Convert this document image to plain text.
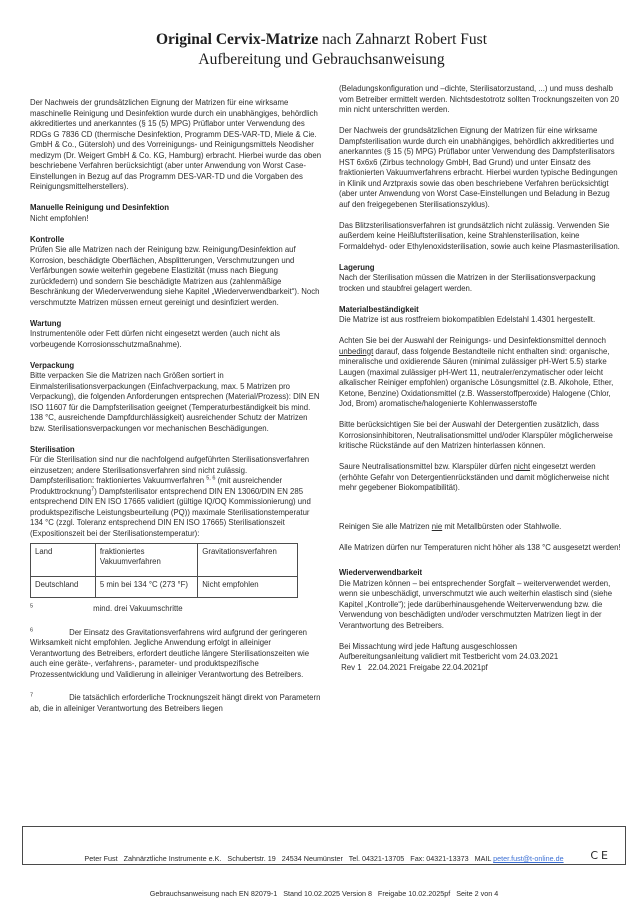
Original Cervix-Matrize nach Zahnarzt Robert Fust
Aufbereitung und Gebrauchsanweisung

Der Nachweis der grundsätzlichen Eignung der Matrizen für eine wirksame maschinelle Reinigung und Desinfektion wurde durch ein unabhängiges, behördlich akkreditiertes und anerkanntes (§ 15 (5) MPG) Prüflabor unter Verwendung des RDGs G 7836 CD (thermische Desinfektion, Programm DES-VAR-TD, Miele & Cie. GmbH & Co., Gütersloh) und des Vorreinigungs- und Reinigungsmittels Neodisher medizym (Dr. Weigert GmbH & Co. KG, Hamburg) erbracht. Hierbei wurde das oben beschriebene Verfahren berücksichtigt (aber unter Anwendung von Worst Case-Einstellungen in Bezug auf das Programm DES-VAR-TD und die Vorgaben des Reinigungsmittelherstellers).

Manuelle Reinigung und Desinfektion

Nicht empfohlen!

Kontrolle

Prüfen Sie alle Matrizen nach der Reinigung bzw. Reinigung/Desinfektion auf Korrosion, beschädigte Oberflächen, Absplitterungen, Verschmutzungen und Verfärbungen sowie weiterhin gegebene Elastizität (muss nach Biegung zurückfedern) und sondern Sie beschädigte Matrizen aus (zahlenmäßige Beschränkung der Wiederverwendung siehe Kapitel „Wiederverwendbarkeit“). Noch verschmutzte Matrizen müssen erneut gereinigt und desinfiziert werden.

Wartung

Instrumentenöle oder Fett dürfen nicht eingesetzt werden (auch nicht als vorbeugende Korrosionsschutzmaßnahme).

Verpackung

Bitte verpacken Sie die Matrizen nach Größen sortiert in Einmalsterilisationsverpackungen (Einfachverpackung, max. 5 Matrizen pro Verpackung), die folgenden Anforderungen entsprechen (Material/Prozess): DIN EN ISO 11607 für die Dampfsterilisation geeignet (Temperaturbeständigkeit bis mind. 138 °C, ausreichende Dampfdurchlässigkeit) ausreichender Schutz der Matrizen bzw. Sterilisationsverpackungen vor mechanischen Beschädigungen.

Sterilisation

Für die Sterilisation sind nur die nachfolgend aufgeführten Sterilisationsverfahren einzusetzen; andere Sterilisationsverfahren sind nicht zulässig.

Dampfsterilisation: fraktioniertes Vakuumverfahren $^{5, 6}$ (mit ausreichender Produkttrocknung$^7$) Dampfsterilisator entsprechend DIN EN 13060/DIN EN 285 entsprechend DIN EN ISO 17665 validiert (gültige IQ/OQ Kommissionierung) und produktspezifische Leistungsbeurteilung (PQ)) maximale Sterilisationstemperatur 134 °C (zzgl. Toleranz entsprechend DIN EN ISO 17665) Sterilisationszeit (Expositionszeit bei der Sterilisationstemperatur):

Land	fraktioniertes Vakuumverfahren	Gravitationsverfahren
Deutschland	5 min bei 134 °C (273 °F)	Nicht empfohlen
$^5$	mind. drei Vakuumschritte
$^6$	Der Einsatz des Gravitationsverfahrens wird aufgrund der geringeren Wirksamkeit nicht empfohlen. Jegliche Anwendung erfolgt in alleiniger Verantwortung des Betreibers, erfordert deutliche längere Sterilisationszeiten wie auch eine geräte-, verfahrens-, parameter- und produktspezifische Prozessentwicklung und Validierung in alleiniger Verantwortung des Betreibers.
$^7$	Die tatsächlich erforderliche Trocknungszeit hängt direkt von Parametern ab, die in alleiniger Verantwortung des Betreibers liegen

(Beladungskonfiguration und –dichte, Sterilisatorzustand, ...) und muss deshalb vom Betreiber ermittelt werden. Nichtsdestotrotz sollten Trocknungszeiten von 20 min nicht unterschritten werden.

Der Nachweis der grundsätzlichen Eignung der Matrizen für eine wirksame Dampfsterilisation wurde durch ein unabhängiges, behördlich akkreditiertes und anerkanntes (§ 15 (5) MPG) Prüflabor unter Verwendung des Dampfsterilisators HST 6x6x6 (Zirbus technology GmbH, Bad Grund) und unter Einsatz des fraktionierten Vakuumverfahrens erbracht. Hierbei wurden typische Bedingungen in Klinik und Arztpraxis sowie das oben beschriebene Verfahren berücksichtigt (aber unter Anwendung von Worst Case-Einstellungen und Beladung in Bezug auf den freigegebenen Sterilisationszyklus).

Das Blitzsterilisationsverfahren ist grundsätzlich nicht zulässig. Verwenden Sie außerdem keine Heißluftsterilisation, keine Strahlensterilisation, keine Formaldehyd- oder Ethylenoxidsterilisation, sowie auch keine Plasmasterilisation.

Lagerung

Nach der Sterilisation müssen die Matrizen in der Sterilisationsverpackung trocken und staubfrei gelagert werden.

Materialbeständigkeit

Die Matrize ist aus rostfreiem biokompatiblen Edelstahl 1.4301 hergestellt.

Achten Sie bei der Auswahl der Reinigungs- und Desinfektionsmittel dennoch unbedingt darauf, dass folgende Bestandteile nicht enthalten sind: organische, mineralische und oxidierende Säuren (minimal zulässiger pH-Wert 5.5) starke Laugen (maximal zulässiger pH-Wert 11, neutraler/enzymatischer oder leicht alkalischer Reiniger empfohlen) organische Lösungsmittel (z.B. Alkohole, Ether, Ketone, Benzine) Oxidationsmittel (z.B. Wasserstoffperoxide) Halogene (Chlor, Jod, Brom) aromatische/halogenierte Kohlenwasserstoffe

Bitte berücksichtigen Sie bei der Auswahl der Detergentien zusätzlich, dass Korrosionsinhibitoren, Neutralisationsmittel und/oder Klarspüler möglicherweise kritische Rückstände auf den Matrizen hinterlassen können.

Saure Neutralisationsmittel bzw. Klarspüler dürfen nicht eingesetzt werden (erhöhte Gefahr von Detergentienrückständen und damit möglicherweise nicht mehr gegebener Biokompatibilität).

Reinigen Sie alle Matrizen nie mit Metallbürsten oder Stahlwolle.

Alle Matrizen dürfen nur Temperaturen nicht höher als 138 °C ausgesetzt werden!

Wiederverwendbarkeit

Die Matrizen können – bei entsprechender Sorgfalt – weiterverwendet werden, wenn sie unbeschädigt, unverschmutzt wie auch weiterhin elastisch sind (siehe Kapitel „Kontrolle“); jede darüberhinausgehende Weiterverwendung bzw. die Verwendung von beschädigten und/oder verschmutzten Matrizen liegt in der Verantwortung des Betreibers.

Bei Missachtung wird jede Haftung ausgeschlossen

Aufbereitungsanleitung validiert mit Testbericht vom 24.03.2021

Rev 1   22.04.2021 Freigabe 22.04.2021pf

Peter Fust   Zahnärztliche Instrumente e.K.   Schubertstr. 19   24534 Neumünster   Tel. 04321-13705   Fax: 04321-13373   MAIL peter.fust@t-online.de

Gebrauchsanweisung nach EN 82079-1   Stand 10.02.2025 Version 8   Freigabe 10.02.2025pf   Seite 2 von 4

CE
